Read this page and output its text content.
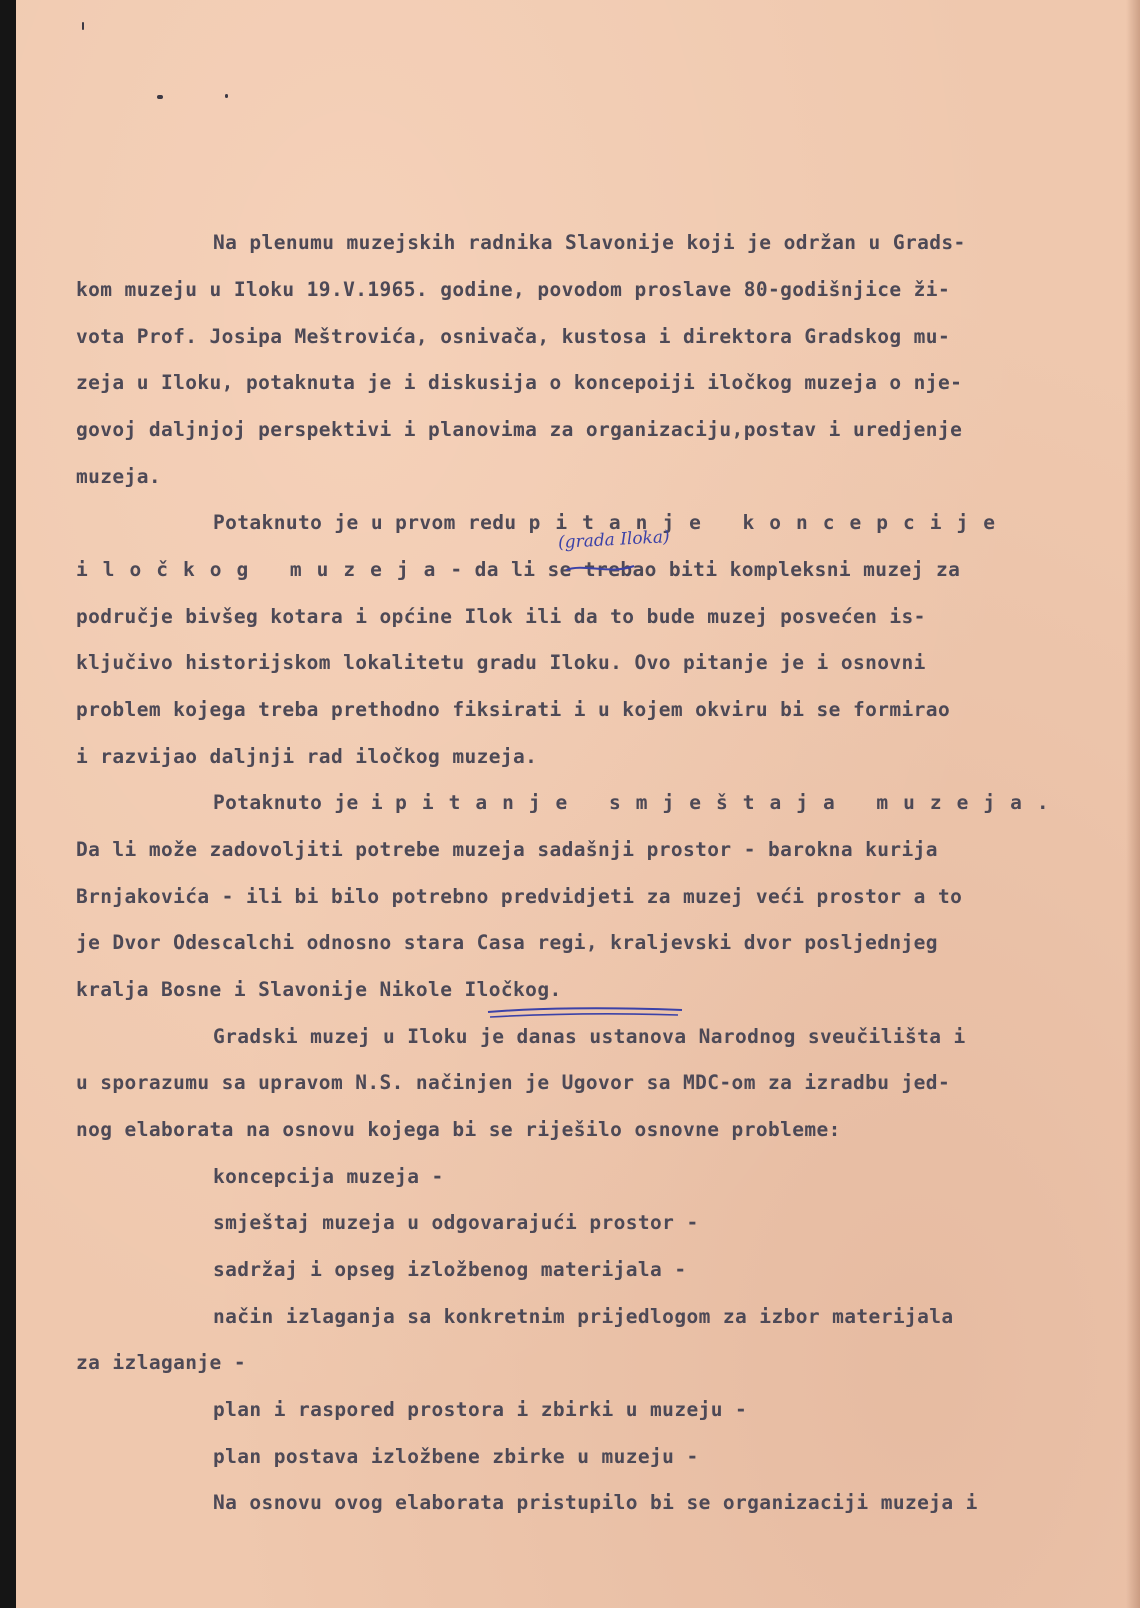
Na plenumu muzejskih radnika Slavonije koji je održan u Grads-
kom muzeju u Iloku 19.V.1965. godine, povodom proslave 80-godišnjice ži-
vota Prof. Josipa Meštrovića, osnivača, kustosa i direktora Gradskog mu-
zeja u Iloku, potaknuta je i diskusija o koncepoiji iločkog muzeja o nje-
govoj daljnjoj perspektivi i planovima za organizaciju,postav i uredjenje
muzeja.
Potaknuto je u prvom redu pitanje koncepcije
iločkog muzeja- da li se trebao biti kompleksni muzej za
(grada Iloka)
područje bivšeg kotara i općine Ilok ili da to bude muzej posvećen is-
ključivo historijskom lokalitetu gradu Iloku. Ovo pitanje je i osnovni
problem kojega treba prethodno fiksirati i u kojem okviru bi se formirao
i razvijao daljnji rad iločkog muzeja.
Potaknuto je i pitanje smještaja muzeja.
Da li može zadovoljiti potrebe muzeja sadašnji prostor - barokna kurija
Brnjakovića - ili bi bilo potrebno predvidjeti za muzej veći prostor a to
je Dvor Odescalchi odnosno stara Casa regi, kraljevski dvor posljednjeg
kralja Bosne i Slavonije Nikole Iločkog.
Gradski muzej u Iloku je danas ustanova Narodnog sveučilišta i
u sporazumu sa upravom N.S. načinjen je Ugovor sa MDC-om za izradbu jed-
nog elaborata na osnovu kojega bi se riješilo osnovne probleme:
koncepcija muzeja -
smještaj muzeja u odgovarajući prostor -
sadržaj i opseg izložbenog materijala -
način izlaganja sa konkretnim prijedlogom za izbor materijala
za izlaganje -
plan i raspored prostora i zbirki u muzeju -
plan postava izložbene zbirke u muzeju -
Na osnovu ovog elaborata pristupilo bi se organizaciji muzeja i
